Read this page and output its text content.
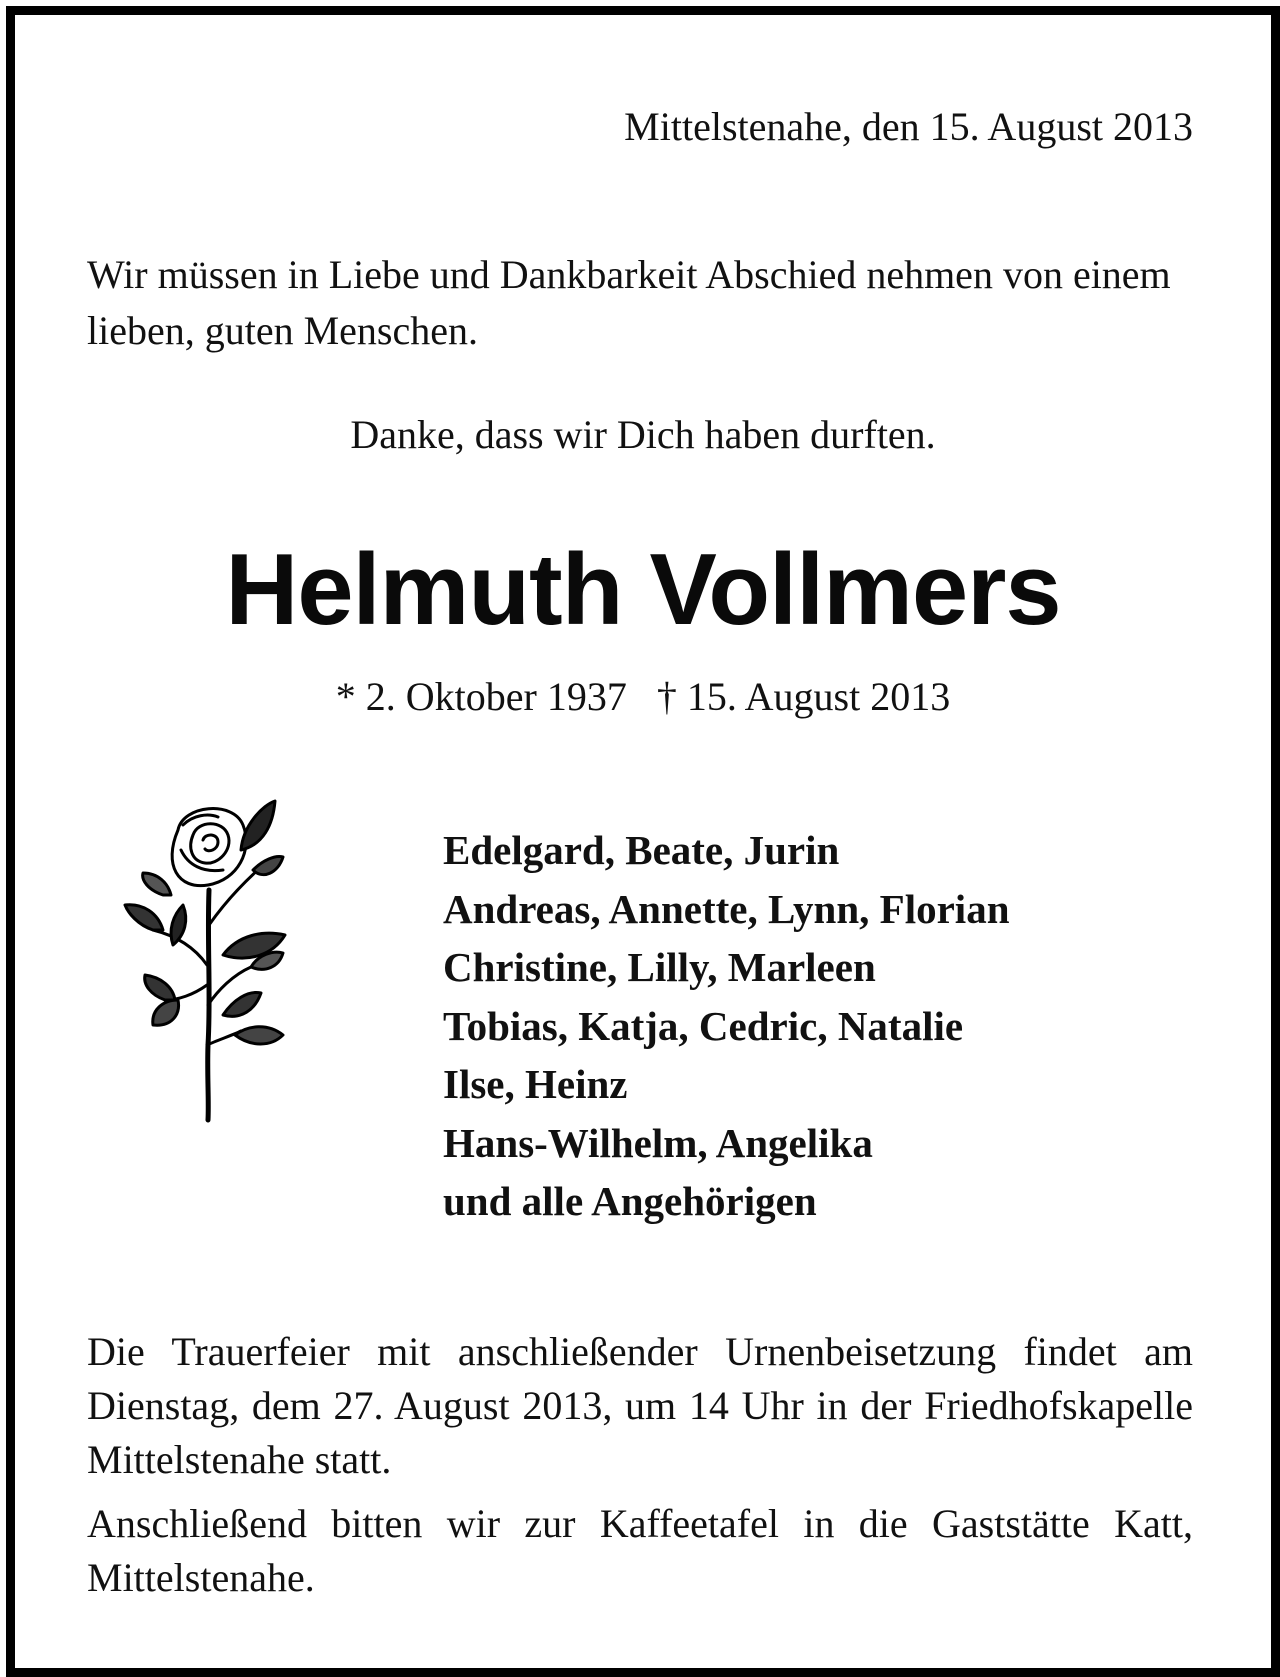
Mittelstenahe, den 15. August 2013
Wir müssen in Liebe und Dankbarkeit Abschied nehmen von einem lieben, guten Menschen.
Danke, dass wir Dich haben durften.
Helmuth Vollmers
* 2. Oktober 1937 † 15. August 2013
Edelgard, Beate, Jurin
Andreas, Annette, Lynn, Florian
Christine, Lilly, Marleen
Tobias, Katja, Cedric, Natalie
Ilse, Heinz
Hans-Wilhelm, Angelika
und alle Angehörigen

Die Trauerfeier mit anschließender Urnenbeisetzung findet am Dienstag, dem 27. August 2013, um 14 Uhr in der Friedhofskapelle Mittelstenahe statt.

Anschließend bitten wir zur Kaffeetafel in die Gaststätte Katt, Mittelstenahe.
